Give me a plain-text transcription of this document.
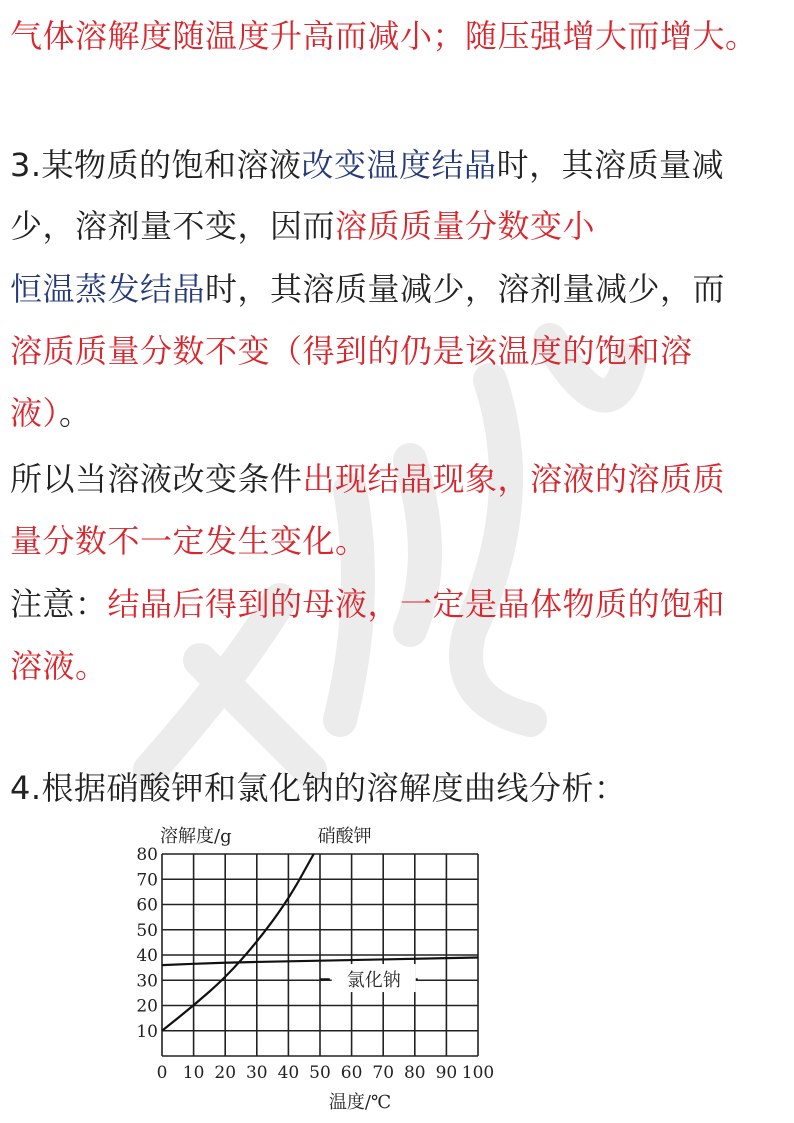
气体溶解度随温度升高而减小；随压强增大而增大。
3.某物质的饱和溶液改变温度结晶时，其溶质量减
少，溶剂量不变，因而溶质质量分数变小
恒温蒸发结晶时，其溶质量减少，溶剂量减少，而
溶质质量分数不变（得到的仍是该温度的饱和溶
液）。
所以当溶液改变条件出现结晶现象，溶液的溶质质
量分数不一定发生变化。
注意：结晶后得到的母液，一定是晶体物质的饱和
溶液。
4.根据硝酸钾和氯化钠的溶解度曲线分析：
10
20
30
40
50
60
70
80
0 10 20 30 40 50 60 70 80 90 100
溶解度/g
温度/℃
硝酸钾
氯化钠
